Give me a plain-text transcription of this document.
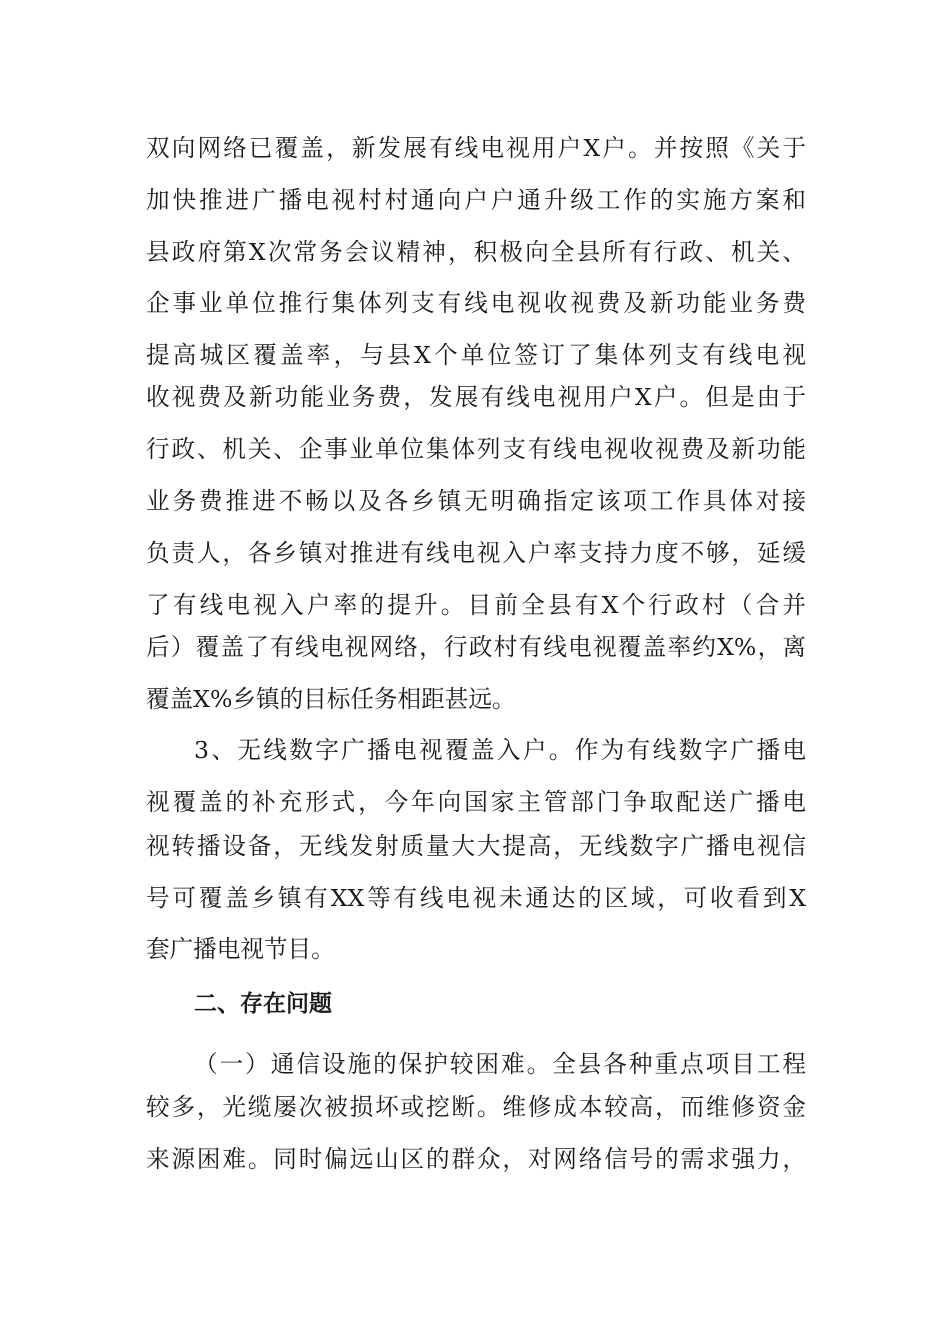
双向网络已覆盖，新发展有线电视用户X户。并按照《关于
加快推进广播电视村村通向户户通升级工作的实施方案和
县政府第X次常务会议精神，积极向全县所有行政、机关、
企事业单位推行集体列支有线电视收视费及新功能业务费
提高城区覆盖率，与县X个单位签订了集体列支有线电视
收视费及新功能业务费，发展有线电视用户X户。但是由于
行政、机关、企事业单位集体列支有线电视收视费及新功能
业务费推进不畅以及各乡镇无明确指定该项工作具体对接
负责人，各乡镇对推进有线电视入户率支持力度不够，延缓
了有线电视入户率的提升。目前全县有X个行政村（合并
后）覆盖了有线电视网络，行政村有线电视覆盖率约X%，离
覆盖X%乡镇的目标任务相距甚远。
3、无线数字广播电视覆盖入户。作为有线数字广播电
视覆盖的补充形式，今年向国家主管部门争取配送广播电
视转播设备，无线发射质量大大提高，无线数字广播电视信
号可覆盖乡镇有XX等有线电视未通达的区域，可收看到X
套广播电视节目。
二、存在问题
（一）通信设施的保护较困难。全县各种重点项目工程
较多，光缆屡次被损坏或挖断。维修成本较高，而维修资金
来源困难。同时偏远山区的群众，对网络信号的需求强力，
